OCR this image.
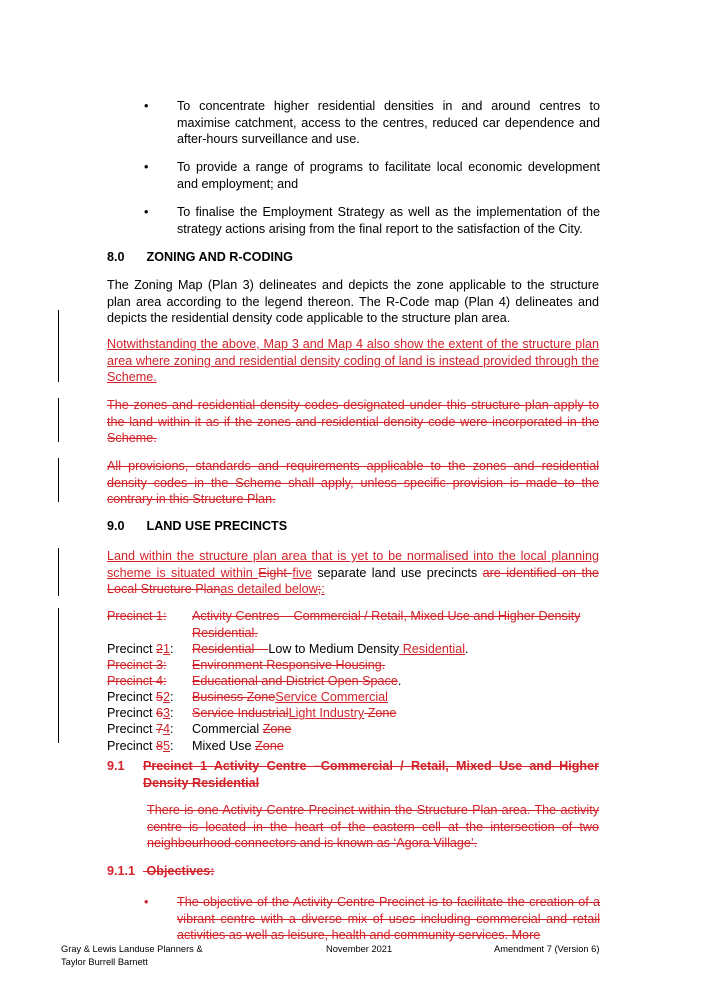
•	To concentrate higher residential densities in and around centres to maximise catchment, access to the centres, reduced car dependence and after-hours surveillance and use.
•	To provide a range of programs to facilitate local economic development and employment; and
•	To finalise the Employment Strategy as well as the implementation of the strategy actions arising from the final report to the satisfaction of the City.
8.0 ZONING AND R-CODING
The Zoning Map (Plan 3) delineates and depicts the zone applicable to the structure plan area according to the legend thereon. The R-Code map (Plan 4) delineates and depicts the residential density code applicable to the structure plan area.
Notwithstanding the above, Map 3 and Map 4 also show the extent of the structure plan area where zoning and residential density coding of land is instead provided through the Scheme.
The zones and residential density codes designated under this structure plan apply to the land within it as if the zones and residential density code were incorporated in the Scheme.
All provisions, standards and requirements applicable to the zones and residential density codes in the Scheme shall apply, unless specific provision is made to the contrary in this Structure Plan.
9.0 LAND USE PRECINCTS
Land within the structure plan area that is yet to be normalised into the local planning scheme is situated within Eight five separate land use precincts are identified on the Local Structure Planas detailed below;:
Precinct 1: Activity Centres – Commercial / Retail, Mixed Use and Higher Density Residential.
Precinct 21: Residential – Low to Medium Density Residential.
Precinct 3: Environment Responsive Housing.
Precinct 4: Educational and District Open Space.
Precinct 52: Business ZoneService Commercial
Precinct 63: Service IndustrialLight Industry Zone
Precinct 74: Commercial Zone
Precinct 85: Mixed Use Zone
9.1	Precinct 1 Activity Centre –Commercial / Retail, Mixed Use and Higher Density Residential
There is one Activity Centre Precinct within the Structure Plan area. The activity centre is located in the heart of the eastern cell at the intersection of two neighbourhood connectors and is known as ‘Agora Village’.
9.1.1 Objectives:
•	The objective of the Activity Centre Precinct is to facilitate the creation of a vibrant centre with a diverse mix of uses including commercial and retail activities as well as leisure, health and community services. More
Gray & Lewis Landuse Planners &
Taylor Burrell Barnett
November 2021	Amendment 7 (Version 6)
